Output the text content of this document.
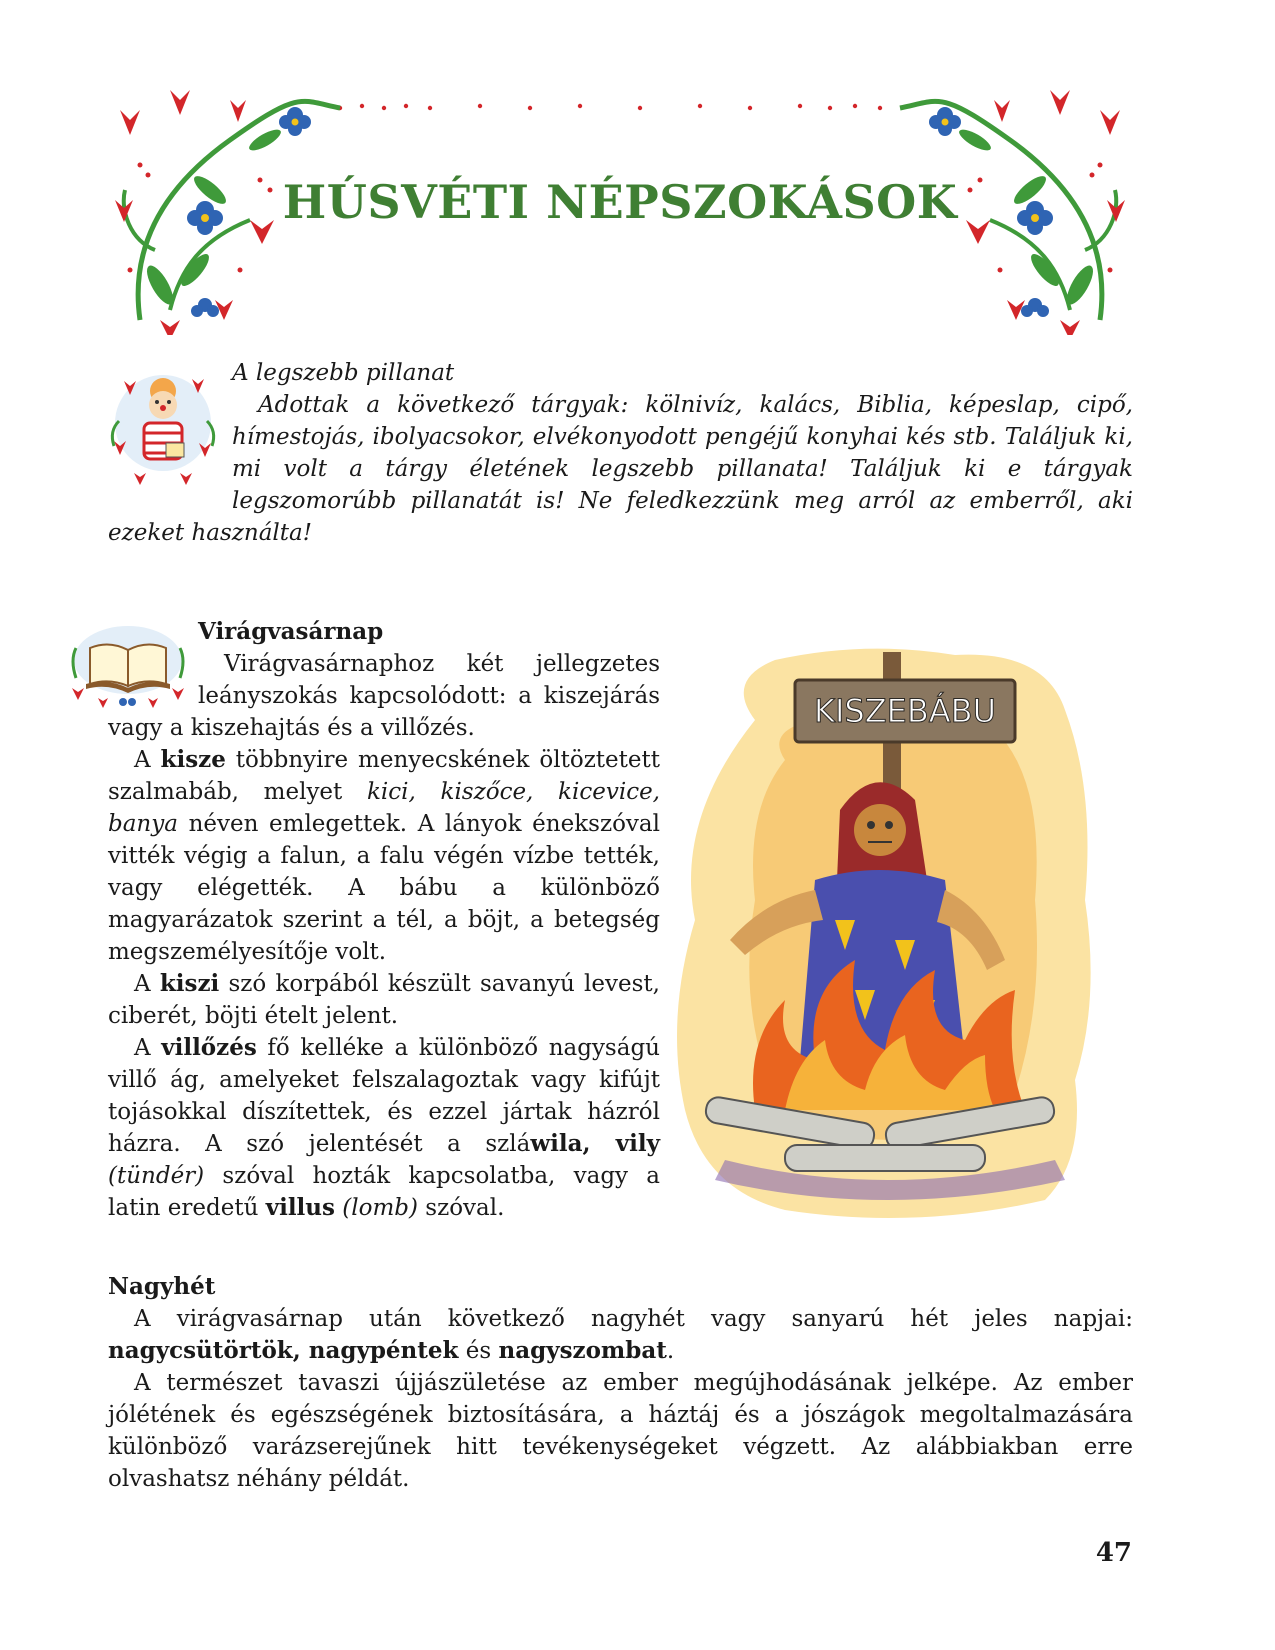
HÚSVÉTI NÉPSZOKÁSOK
A legszebb pillanat

Adottak a következő tárgyak: kölnivíz, kalács, Biblia, képeslap, cipő, hímestojás, ibolyacsokor, elvékonyodott pengéjű konyhai kés stb. Találjuk ki, mi volt a tárgy életének legszebb pillanata! Találjuk ki e tárgyak legszomorúbb pillanatát is! Ne feledkezzünk meg arról az emberről, aki ezeket használta!

Virágvasárnap

Virágvasárnaphoz két jellegzetes leányszokás kapcsolódott: a kiszejárás vagy a kiszehajtás és a villőzés.

A kisze többnyire menyecskének öltöztetett szalmabáb, melyet kici, kiszőce, kicevice, banya néven emlegettek. A lányok énekszóval vitték végig a falun, a falu végén vízbe tették, vagy elégették. A bábu a különböző magyarázatok szerint a tél, a böjt, a betegség megszemélyesítője volt.

A kiszi szó korpából készült savanyú levest, ciberét, böjti ételt jelent.

A villőzés fő kelléke a különböző nagyságú villő ág, amelyeket felszalagoztak vagy kifújt tojásokkal díszítettek, és ezzel jártak házról házra. A szó jelentését a szláwila, vily (tündér) szóval hozták kapcsolatba, vagy a latin eredetű villus (lomb) szóval.

KISZEBÁBU
Nagyhét

A virágvasárnap után következő nagyhét vagy sanyarú hét jeles napjai: nagycsütörtök, nagypéntek és nagyszombat.

A természet tavaszi újjászületése az ember megújhodásának jelképe. Az ember jólétének és egészségének biztosítására, a háztáj és a jószágok megoltalmazására különböző varázserejűnek hitt tevékenységeket végzett. Az alábbiakban erre olvashatsz néhány példát.

47
